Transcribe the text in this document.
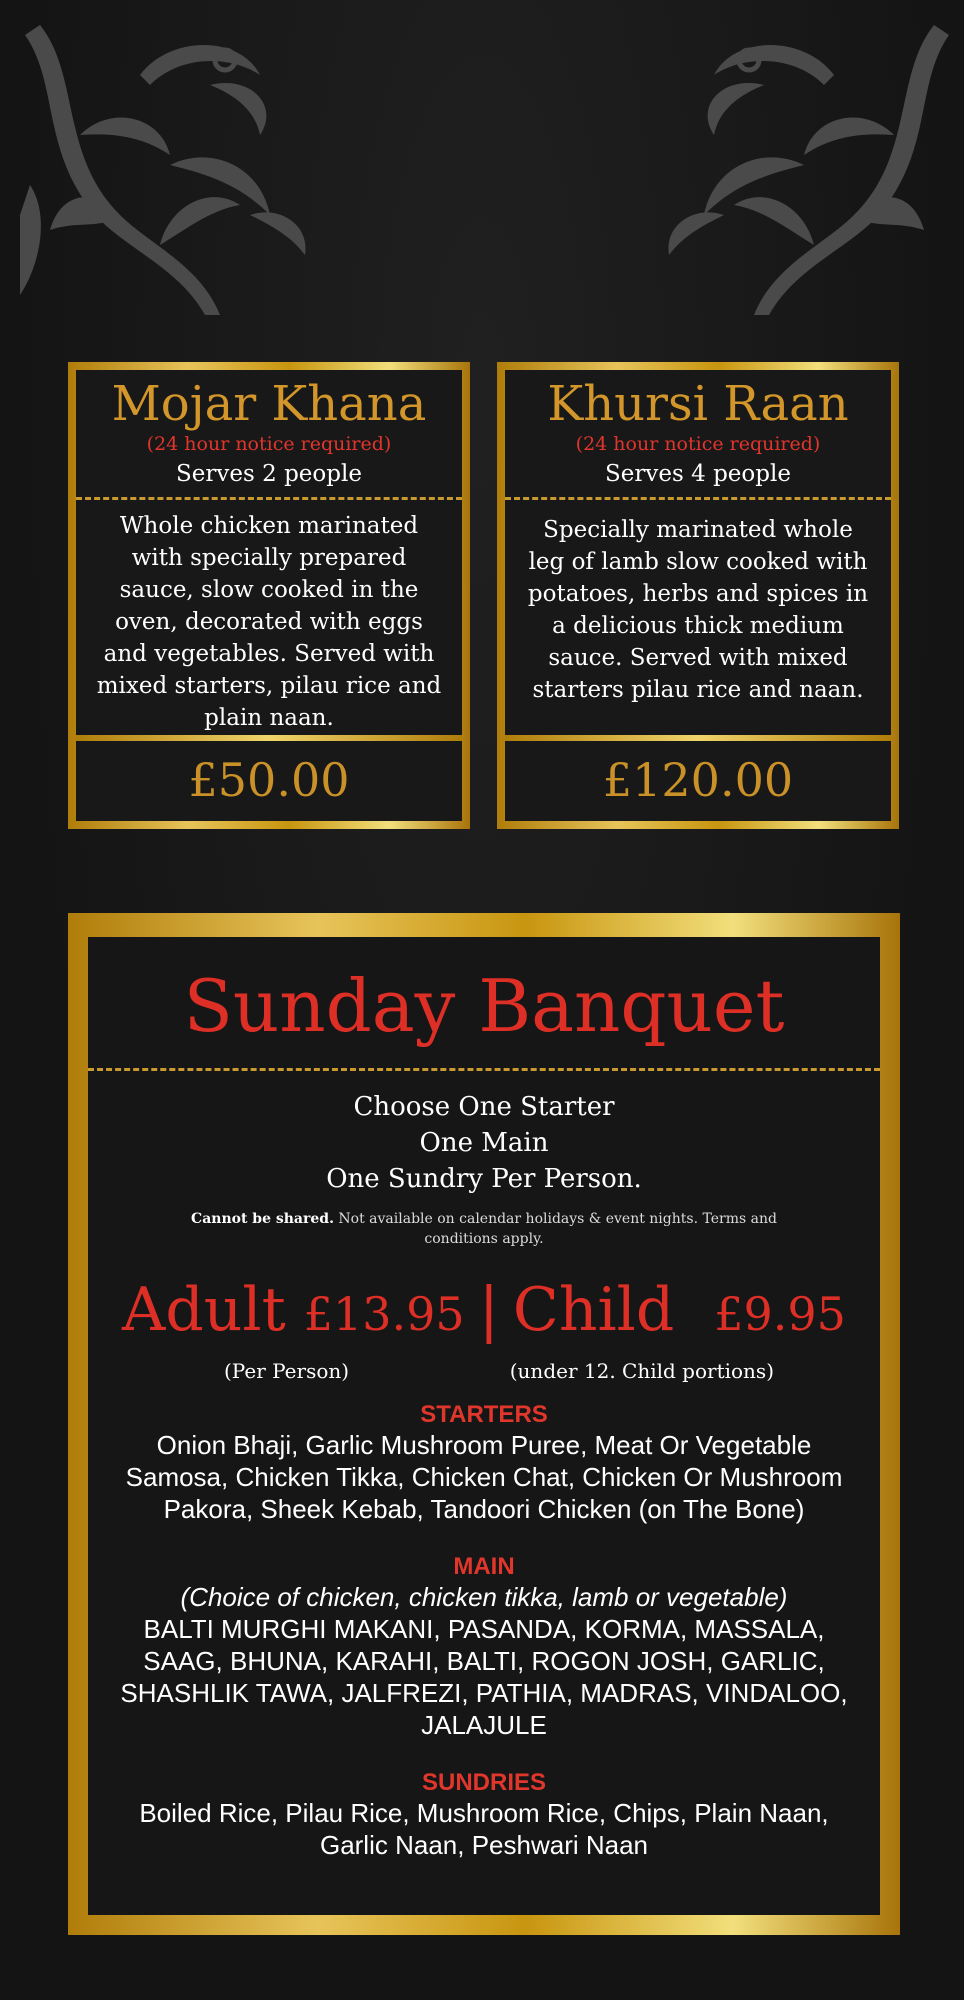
Mojar Khana
(24 hour notice required)
Serves 2 people
Whole chicken marinated with specially prepared sauce, slow cooked in the oven, decorated with eggs and vegetables. Served with mixed starters, pilau rice and plain naan.
£50.00
Khursi Raan
(24 hour notice required)
Serves 4 people
Specially marinated whole leg of lamb slow cooked with potatoes, herbs and spices in a delicious thick medium sauce. Served with mixed starters pilau rice and naan.
£120.00
Sunday Banquet
Choose One Starter
One Main
One Sundry Per Person.
Cannot be shared. Not available on calendar holidays & event nights. Terms and conditions apply.
Adult £13.95 | Child £9.95
(Per Person)	(under 12. Child portions)
STARTERS
Onion Bhaji, Garlic Mushroom Puree, Meat Or Vegetable Samosa, Chicken Tikka, Chicken Chat, Chicken Or Mushroom Pakora, Sheek Kebab, Tandoori Chicken (on The Bone)
MAIN
(Choice of chicken, chicken tikka, lamb or vegetable)
BALTI MURGHI MAKANI, PASANDA, KORMA, MASSALA, SAAG, BHUNA, KARAHI, BALTI, ROGON JOSH, GARLIC, SHASHLIK TAWA, JALFREZI, PATHIA, MADRAS, VINDALOO, JALAJULE
SUNDRIES
Boiled Rice, Pilau Rice, Mushroom Rice, Chips, Plain Naan, Garlic Naan, Peshwari Naan
